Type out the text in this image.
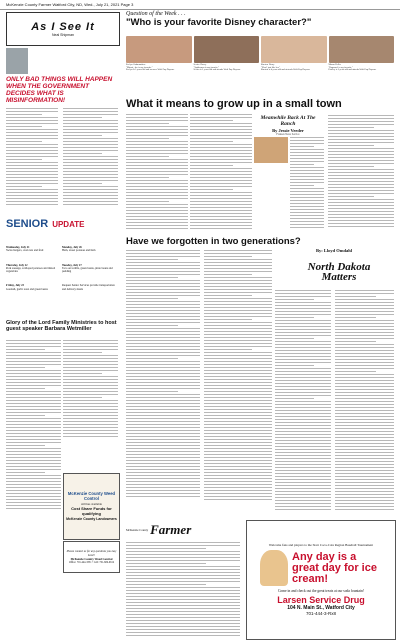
McKenzie County Farmer Watford City, ND, Wed., July 21, 2021 Page 3
As I See It
Neal Shipman
ONLY BAD THINGS WILL HAPPEN WHEN THE GOVERNMENT DECIDES WHAT IS MISINFORMATION!
Question of the Week . . .
"Who is your favorite Disney character?"
Evelyn Gudmundsen
"Minnie, she is my favorite."
Evelyn is 5 years old and an-swer Wolf Pup Daycare
Sevira Cherry
"Spiderman is my favorite."
Sevira is 5 years old and attends Wolf Pup Daycare
Karsten Henry
"Elsa I just like her."
Karsten is 4 years old and at-tends Wolf Pup Daycare
Mason Keller
"Rapunzel is my favorite."
Paisley is 5 years old and attends Wolf Pup Daycare
What it means to grow up in a small town
Meanwhile Back At The Ranch
By Jessie Veeder
Fransen News Service
SENIOR UPDATE
Wednesday, July 21
Swiss burgers, oven tots and fruit
Monday, July 26
Ham, sweet potatoes and ham
Thursday, July 22
Pork sausage, scalloped potatoes and mixed vegetables
Tuesday, July 27
Taco on tortilla, green beans, pinto beans and pudding
Friday, July 23
Goulash, garlic toast and green beans
Request Senior Services provide transportation and delivery meals
Glory of the Lord Family Ministries to host guest speaker Barbara Wetmiller
McKenzie County Weed Control
still has available
Cost Share Funds for qualifying
McKenzie County Landowners
Please contact us for any questions you may have!!
McKenzie County Weed Control
Office: 701-444-3351 • Cell: 701-609-0612
Have we forgotten in two generations?
By: Lloyd Omdahl
North Dakota Matters
McKenzie County Farmer
Welcome fans and players to the Starr Coca-Cola Region Baseball Tournament
Any day is a great day for ice cream!
Come in and check out the great treats at our soda fountain!
Larsen Service Drug
104 N. Main St., Watford City
701-444-3-Rx8
